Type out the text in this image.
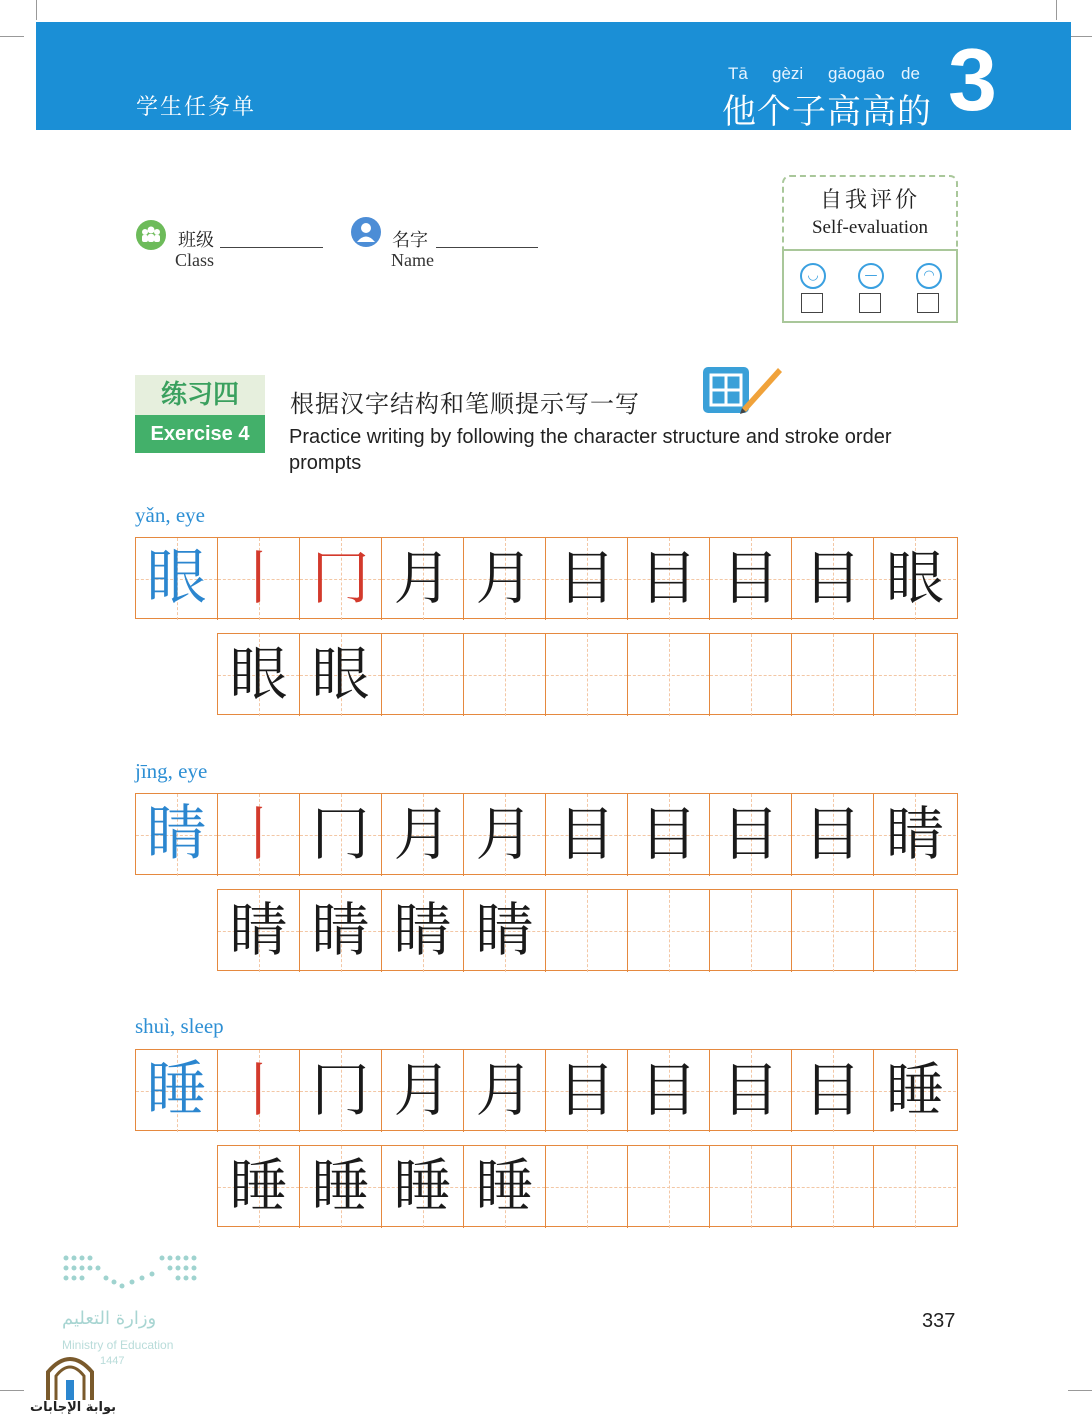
学生任务单
Tā gèzi gāogāo de
他个子高高的 3
班级
Class
名字
Name
自我评价
Self-evaluation
◡	—	◠
练习四
Exercise 4
根据汉字结构和笔顺提示写一写
Practice writing by following the character structure and stroke order prompts
yǎn, eye
眼 丨 冂 月 月 目 目 目 目 眼
眼 眼
jīng, eye
睛 丨 冂 月 月 目 目 目 目 睛
睛 睛 睛 睛
shuì, sleep
睡 丨 冂 月 月 目 目 目 目 睡
睡 睡 睡 睡
وزارة التعليم
Ministry of Education
1447
بوابة الإجابات
337
